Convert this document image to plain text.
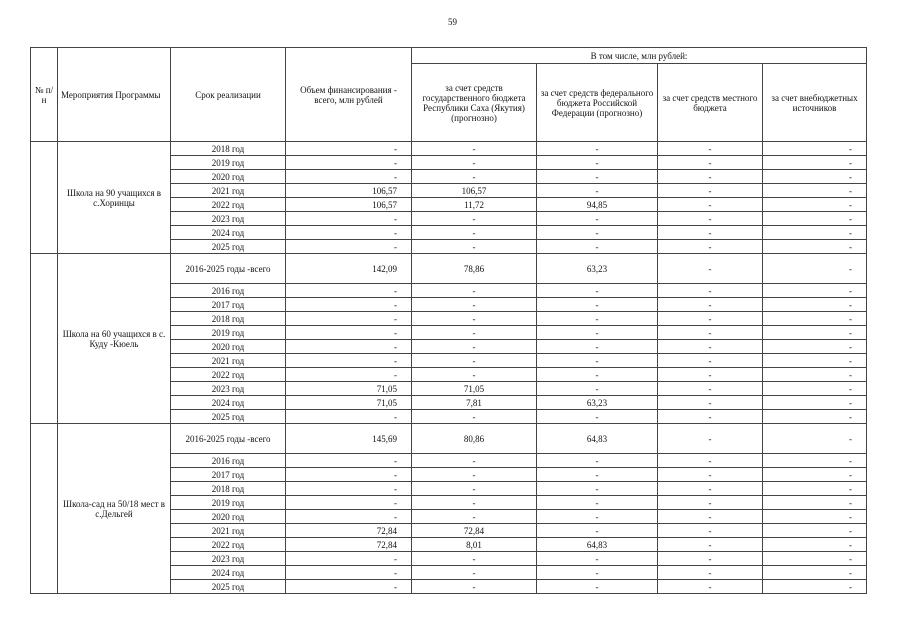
59
№ п/н	Мероприятия Программы	Срок реализации	Объем финансирования - всего, млн рублей	В том числе, млн рублей:			
				за счет средств государственного бюджета Республики Саха (Якутия) (прогнозно)	за счет средств федерального бюджета Российской Федерации (прогнозно)	за счет средств местного бюджета	за счет внебюджетных источников
	Школа на 90 учащихся в с.Хоринцы	2018 год	-	-	-	-	-
		2019 год	-	-	-	-	-
		2020 год	-	-	-	-	-
		2021 год	106,57	106,57	-	-	-
		2022 год	106,57	11,72	94,85	-	-
		2023 год	-	-	-	-	-
		2024 год	-	-	-	-	-
		2025 год	-	-	-	-	-
	Школа на 60 учащихся в с. Куду -Кюель	2016-2025 годы -всего	142,09	78,86	63,23	-	-
		2016 год	-	-	-	-	-
		2017 год	-	-	-	-	-
		2018 год	-	-	-	-	-
		2019 год	-	-	-	-	-
		2020 год	-	-	-	-	-
		2021 год	-	-	-	-	-
		2022 год	-	-	-	-	-
		2023 год	71,05	71,05	-	-	-
		2024 год	71,05	7,81	63,23	-	-
		2025 год	-	-	-	-	-
	Школа-сад на 50/18 мест в с.Дельгей	2016-2025 годы -всего	145,69	80,86	64,83	-	-
		2016 год	-	-	-	-	-
		2017 год	-	-	-	-	-
		2018 год	-	-	-	-	-
		2019 год	-	-	-	-	-
		2020 год	-	-	-	-	-
		2021 год	72,84	72,84	-	-	-
		2022 год	72,84	8,01	64,83	-	-
		2023 год	-	-	-	-	-
		2024 год	-	-	-	-	-
		2025 год	-	-	-	-	-
